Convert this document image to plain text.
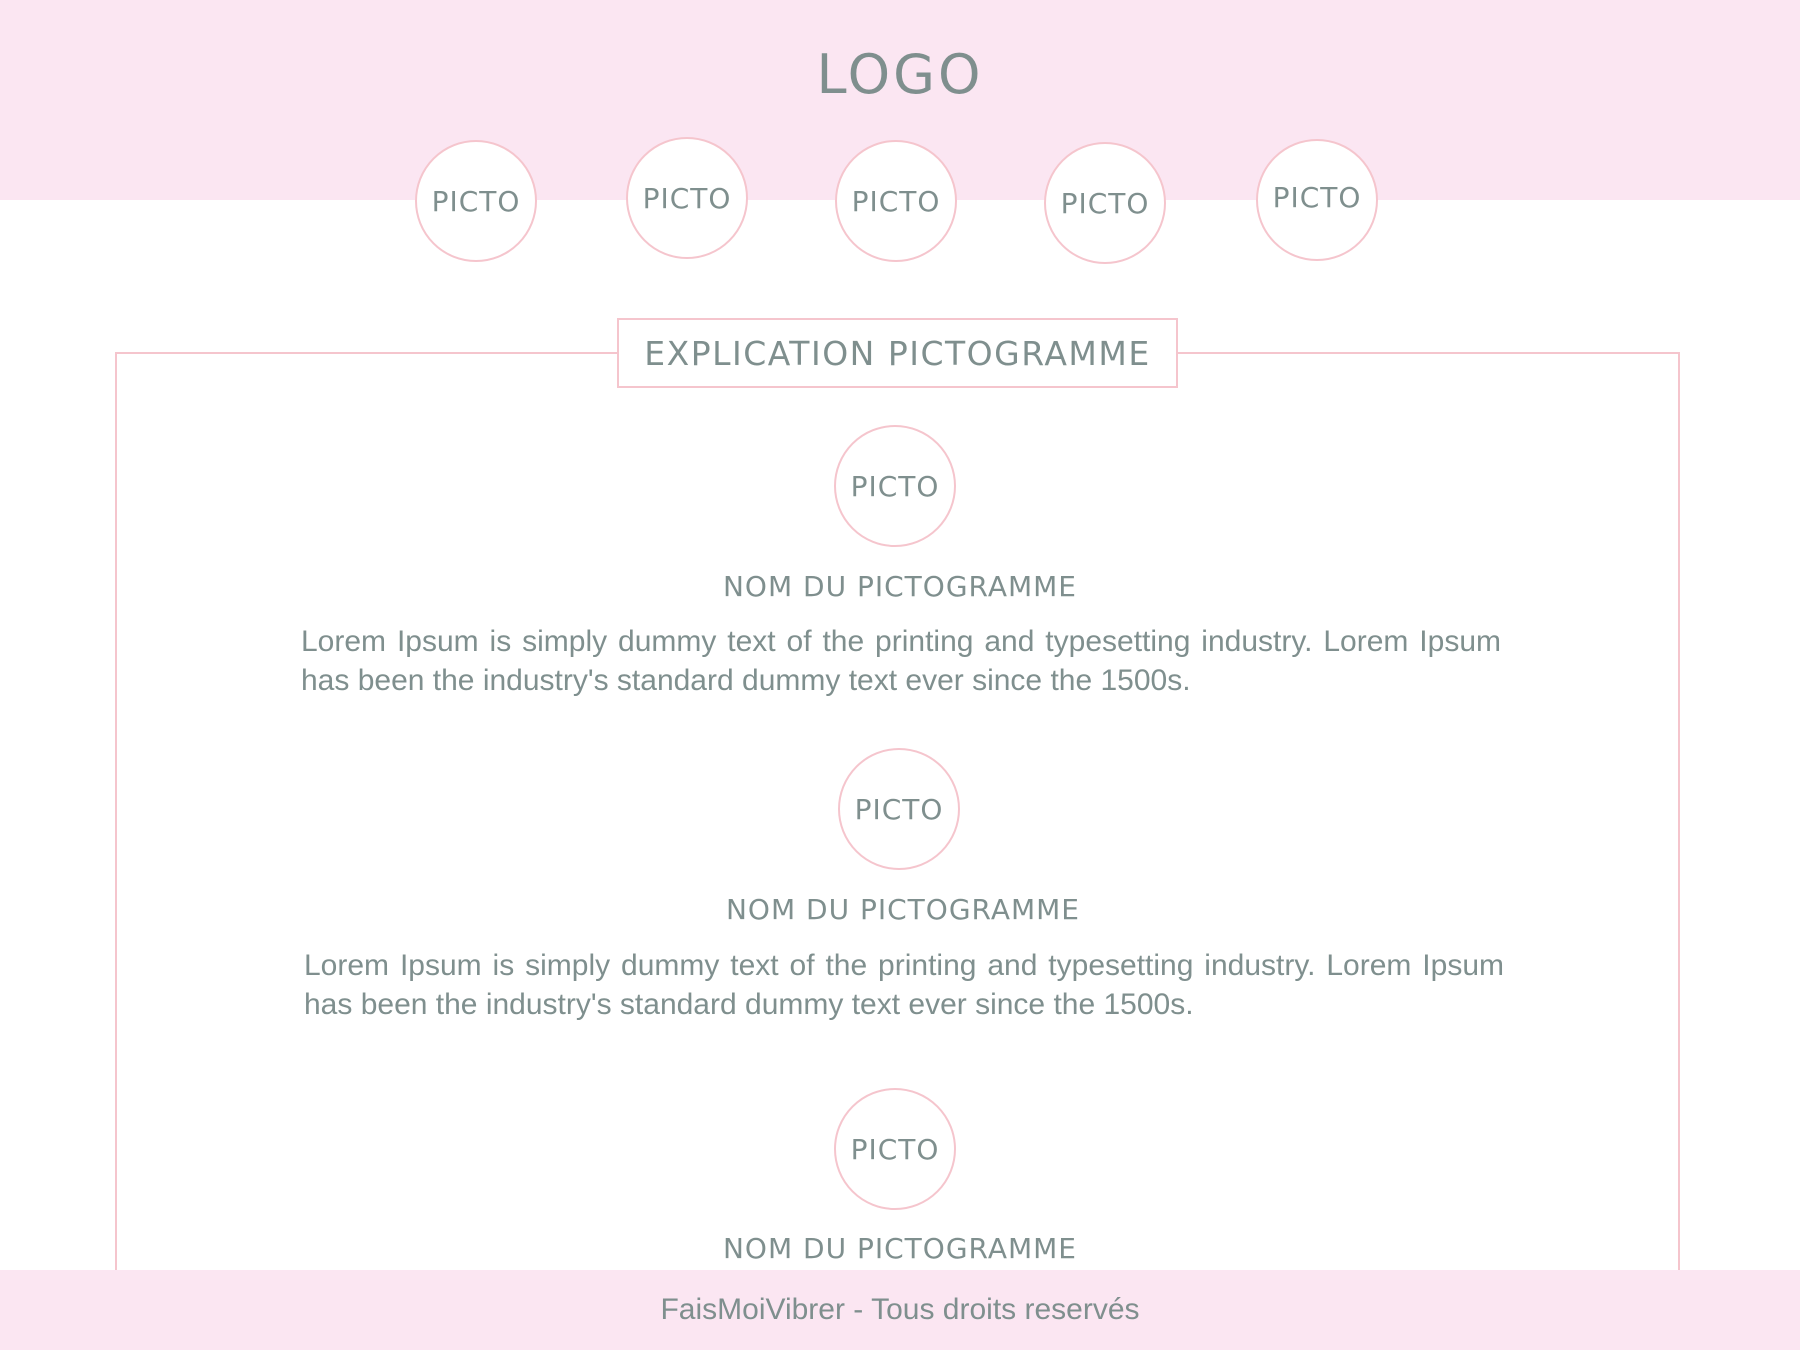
LOGO
PICTO	PICTO	PICTO	PICTO	PICTO
EXPLICATION PICTOGRAMME
PICTO
NOM DU PICTOGRAMME
Lorem Ipsum is simply dummy text of the printing and typesetting industry. Lorem Ipsum has been the industry's standard dummy text ever since the 1500s.
PICTO
NOM DU PICTOGRAMME
Lorem Ipsum is simply dummy text of the printing and typesetting industry. Lorem Ipsum has been the industry's standard dummy text ever since the 1500s.
PICTO
NOM DU PICTOGRAMME
FaisMoiVibrer - Tous droits reservés
